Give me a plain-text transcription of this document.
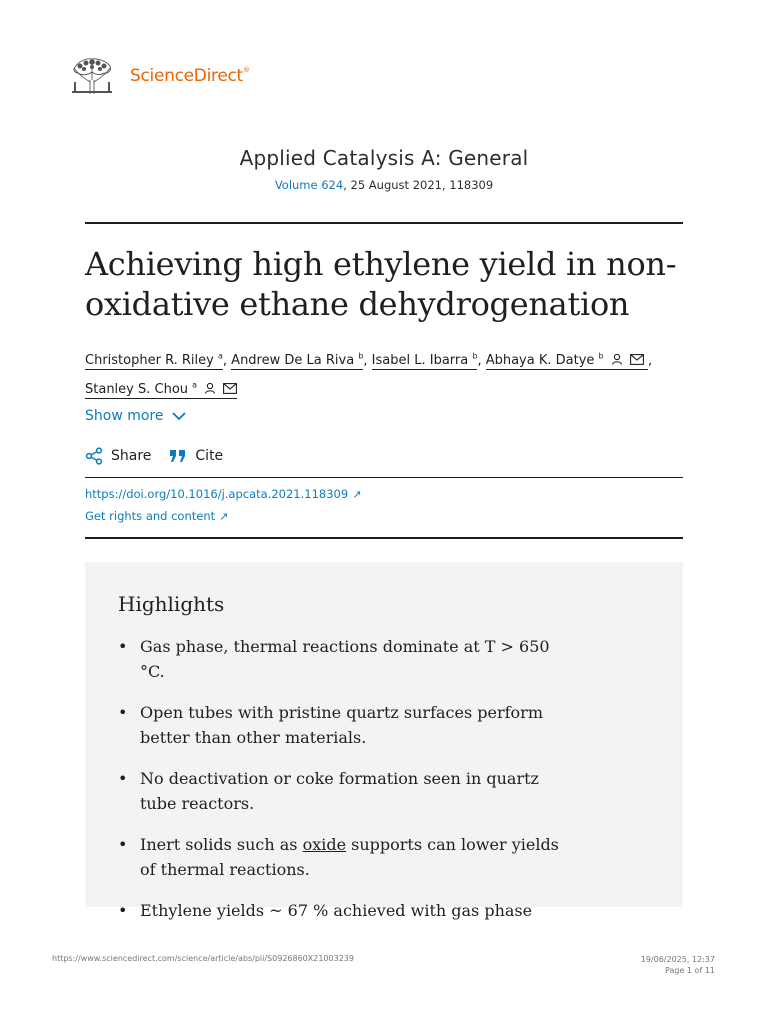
ScienceDirect®
Applied Catalysis A: General
Volume 624, 25 August 2021, 118309
Achieving high ethylene yield in non-oxidative ethane dehydrogenation
Christopher R. Riley $^a$, Andrew De La Riva $^b$, Isabel L. Ibarra $^b$, Abhaya K. Datye $^b$	,
Stanley S. Chou $^a$
Show more
Share	Cite
https://doi.org/10.1016/j.apcata.2021.118309 ↗
Get rights and content ↗
Highlights
• Gas phase, thermal reactions dominate at T > 650 °C.
• Open tubes with pristine quartz surfaces perform better than other materials.
• No deactivation or coke formation seen in quartz tube reactors.
• Inert solids such as oxide supports can lower yields of thermal reactions.
• Ethylene yields ~ 67 % achieved with gas phase
https://www.sciencedirect.com/science/article/abs/pii/S0926860X21003239	19/06/2025, 12:37
Page 1 of 11
